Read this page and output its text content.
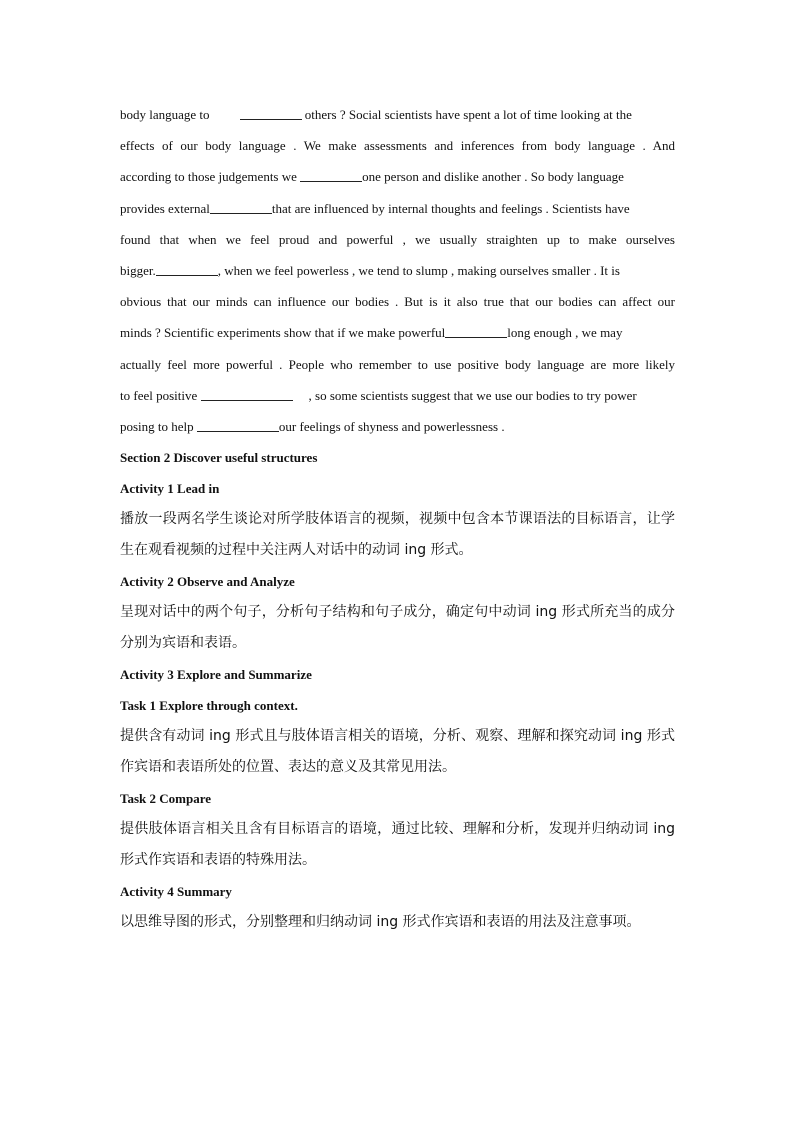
body language to	others ? Social scientists have spent a lot of time looking at the

effects of our body language . We make assessments and inferences from body language . And

according to those judgements we	one person and dislike another . So body language

provides external	that are influenced by internal thoughts and feelings . Scientists have

found that when we feel proud and powerful , we usually straighten up to make ourselves

bigger.	, when we feel powerless , we tend to slump , making ourselves smaller . It is

obvious that our minds can influence our bodies . But is it also true that our bodies can affect our

minds ? Scientific experiments show that if we make powerful	long enough , we may

actually feel more powerful . People who remember to use positive body language are more likely

to feel positive	, so some scientists suggest that we use our bodies to try power

posing to help	our feelings of shyness and powerlessness .

Section 2 Discover useful structures
Activity 1 Lead in

播放一段两名学生谈论对所学肢体语言的视频，视频中包含本节课语法的目标语言，让学生在观看视频的过程中关注两人对话中的动词 ing 形式。

Activity 2 Observe and Analyze

呈现对话中的两个句子，分析句子结构和句子成分，确定句中动词 ing 形式所充当的成分分别为宾语和表语。

Activity 3 Explore and Summarize
Task 1 Explore through context.

提供含有动词 ing 形式且与肢体语言相关的语境，分析、观察、理解和探究动词 ing 形式作宾语和表语所处的位置、表达的意义及其常见用法。

Task 2 Compare

提供肢体语言相关且含有目标语言的语境，通过比较、理解和分析，发现并归纳动词 ing 形式作宾语和表语的特殊用法。

Activity 4 Summary

以思维导图的形式，分别整理和归纳动词 ing 形式作宾语和表语的用法及注意事项。
